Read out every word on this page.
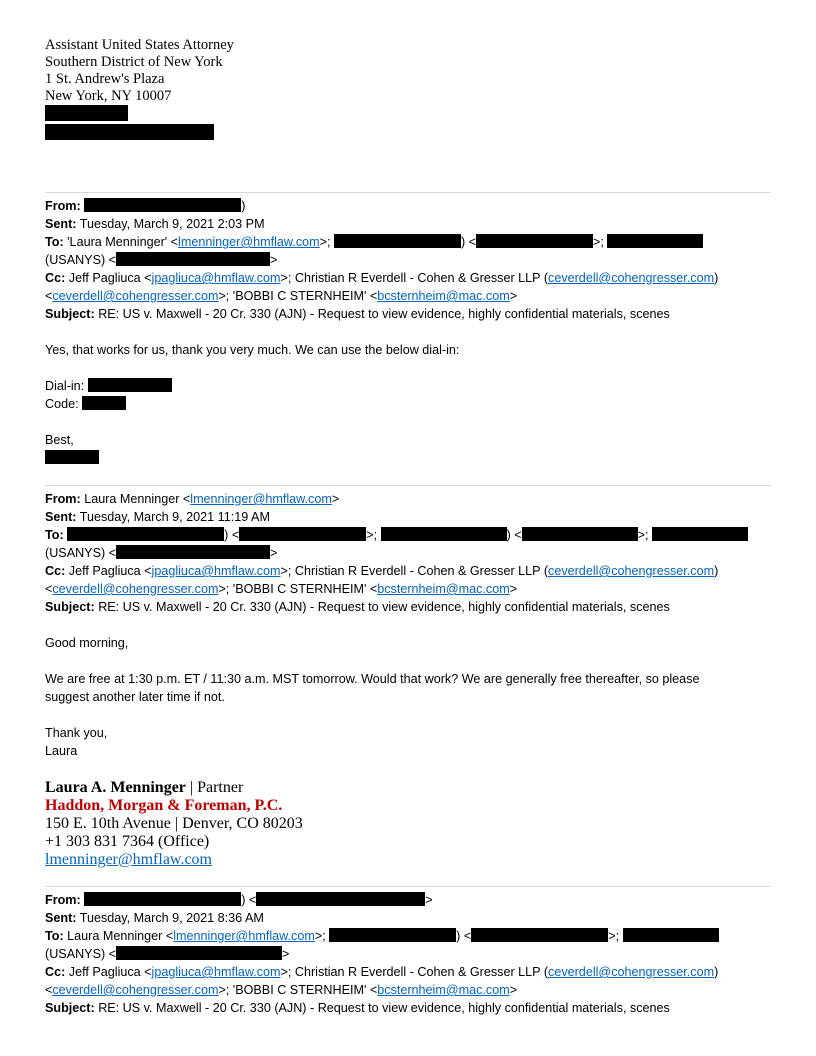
Assistant United States Attorney
Southern District of New York
1 St. Andrew's Plaza
New York, NY 10007
From:	)
Sent: Tuesday, March 9, 2021 2:03 PM
To: 'Laura Menninger' <lmenninger@hmflaw.com>;	) <	>;
(USANYS) <	>
Cc: Jeff Pagliuca <jpagliuca@hmflaw.com>; Christian R Everdell - Cohen & Gresser LLP (ceverdell@cohengresser.com)
<ceverdell@cohengresser.com>; 'BOBBI C STERNHEIM' <bcsternheim@mac.com>
Subject: RE: US v. Maxwell - 20 Cr. 330 (AJN) - Request to view evidence, highly confidential materials, scenes

Yes, that works for us, thank you very much. We can use the below dial-in:

Dial-in:
Code:
Best,
From: Laura Menninger <lmenninger@hmflaw.com>
Sent: Tuesday, March 9, 2021 11:19 AM
To:	) <	>;	) <	>;
(USANYS) <	>
Cc: Jeff Pagliuca <jpagliuca@hmflaw.com>; Christian R Everdell - Cohen & Gresser LLP (ceverdell@cohengresser.com)
<ceverdell@cohengresser.com>; 'BOBBI C STERNHEIM' <bcsternheim@mac.com>
Subject: RE: US v. Maxwell - 20 Cr. 330 (AJN) - Request to view evidence, highly confidential materials, scenes
Good morning,
We are free at 1:30 p.m. ET / 11:30 a.m. MST tomorrow. Would that work? We are generally free thereafter, so please
suggest another later time if not.
Thank you,
Laura
Laura A. Menninger | Partner
Haddon, Morgan & Foreman, P.C.
150 E. 10th Avenue | Denver, CO 80203
+1 303 831 7364 (Office)
lmenninger@hmflaw.com
From:	) <	>
Sent: Tuesday, March 9, 2021 8:36 AM
To: Laura Menninger <lmenninger@hmflaw.com>;	) <	>;
(USANYS) <	>
Cc: Jeff Pagliuca <jpagliuca@hmflaw.com>; Christian R Everdell - Cohen & Gresser LLP (ceverdell@cohengresser.com)
<ceverdell@cohengresser.com>; 'BOBBI C STERNHEIM' <bcsternheim@mac.com>
Subject: RE: US v. Maxwell - 20 Cr. 330 (AJN) - Request to view evidence, highly confidential materials, scenes
